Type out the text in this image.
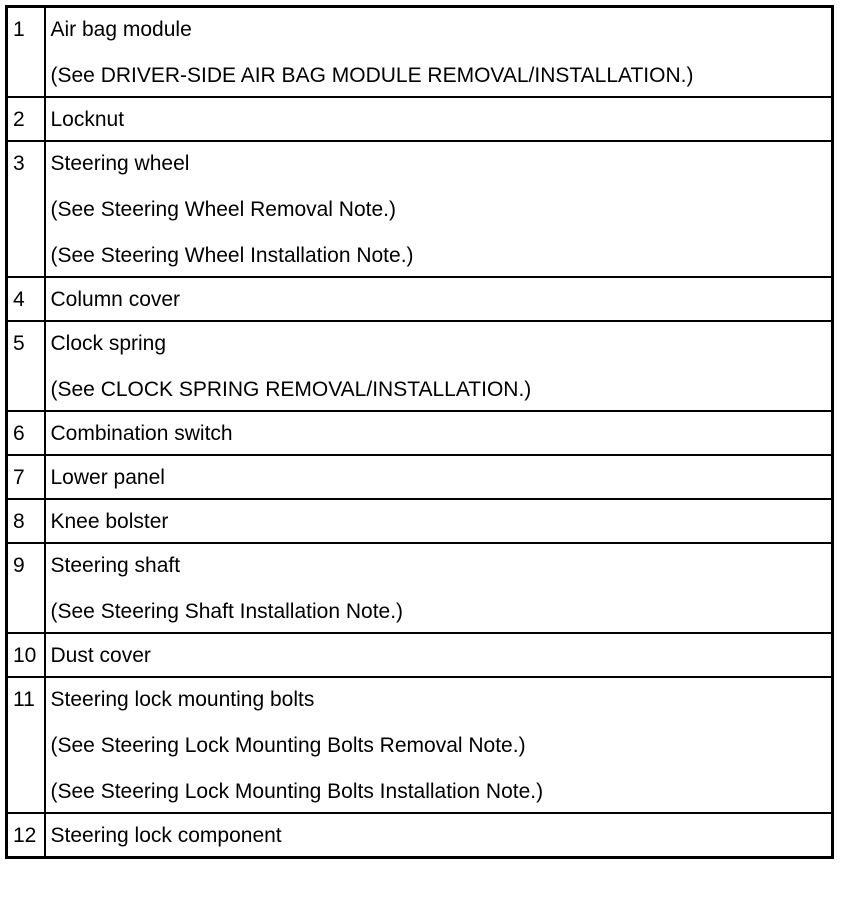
1	Air bag module
(See DRIVER-SIDE AIR BAG MODULE REMOVAL/INSTALLATION.)

2	Locknut

3	Steering wheel
(See Steering Wheel Removal Note.)
(See Steering Wheel Installation Note.)

4	Column cover

5	Clock spring
(See CLOCK SPRING REMOVAL/INSTALLATION.)

6	Combination switch

7	Lower panel

8	Knee bolster

9	Steering shaft
(See Steering Shaft Installation Note.)

10	Dust cover

11	Steering lock mounting bolts
(See Steering Lock Mounting Bolts Removal Note.)
(See Steering Lock Mounting Bolts Installation Note.)

12	Steering lock component
